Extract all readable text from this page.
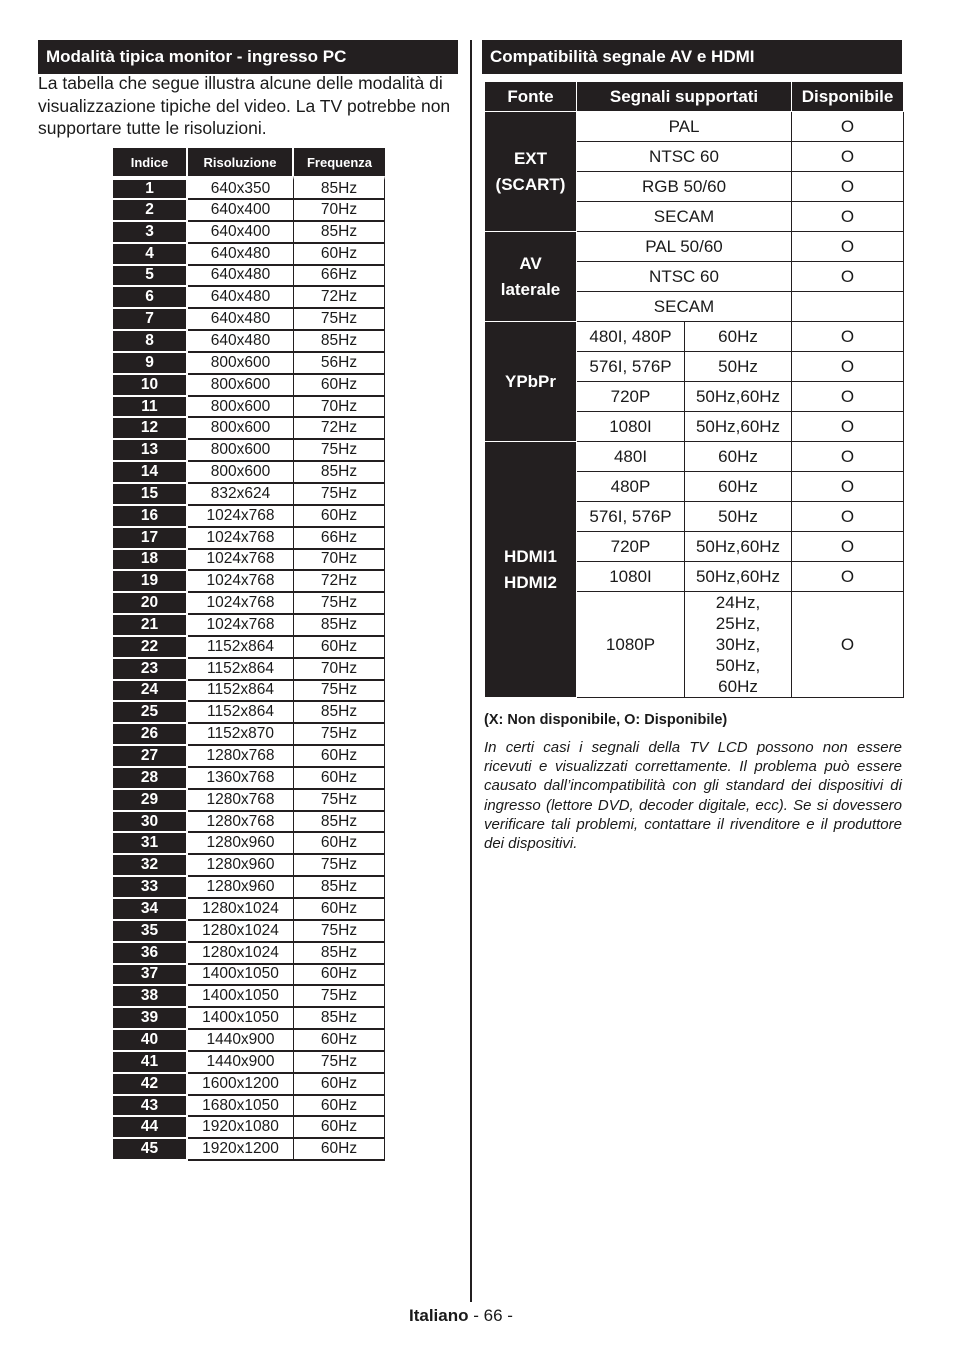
Modalità tipica monitor - ingresso PC

La tabella che segue illustra alcune delle modalità di visualizzazione tipiche del video. La TV potrebbe non supportare tutte le risoluzioni.

Indice	Risoluzione	Frequenza
1	640x350	85Hz
2	640x400	70Hz
3	640x400	85Hz
4	640x480	60Hz
5	640x480	66Hz
6	640x480	72Hz
7	640x480	75Hz
8	640x480	85Hz
9	800x600	56Hz
10	800x600	60Hz
11	800x600	70Hz
12	800x600	72Hz
13	800x600	75Hz
14	800x600	85Hz
15	832x624	75Hz
16	1024x768	60Hz
17	1024x768	66Hz
18	1024x768	70Hz
19	1024x768	72Hz
20	1024x768	75Hz
21	1024x768	85Hz
22	1152x864	60Hz
23	1152x864	70Hz
24	1152x864	75Hz
25	1152x864	85Hz
26	1152x870	75Hz
27	1280x768	60Hz
28	1360x768	60Hz
29	1280x768	75Hz
30	1280x768	85Hz
31	1280x960	60Hz
32	1280x960	75Hz
33	1280x960	85Hz
34	1280x1024	60Hz
35	1280x1024	75Hz
36	1280x1024	85Hz
37	1400x1050	60Hz
38	1400x1050	75Hz
39	1400x1050	85Hz
40	1440x900	60Hz
41	1440x900	75Hz
42	1600x1200	60Hz
43	1680x1050	60Hz
44	1920x1080	60Hz
45	1920x1200	60Hz
Compatibilità segnale AV e HDMI
Fonte	Segnali supportati		Disponibile

EXT
(SCART)	PAL		O
	NTSC 60		O
	RGB 50/60		O
	SECAM		O

AV
laterale	PAL 50/60		O
	NTSC 60		O
	SECAM		

YPbPr	480I, 480P	60Hz	O
	576I, 576P	50Hz	O
	720P	50Hz,60Hz	O
	1080I	50Hz,60Hz	O

HDMI1
HDMI2	480I	60Hz	O
	480P	60Hz	O
	576I, 576P	50Hz	O
	720P	50Hz,60Hz	O
	1080I	50Hz,60Hz	O
	1080P	24Hz,
25Hz,
30Hz,
50Hz,
60Hz	O
(X: Non disponibile, O: Disponibile)

In certi casi i segnali della TV LCD possono non essere ricevuti e visualizzati correttamente. Il problema può essere causato dall’incompatibilità con gli standard dei dispositivi di ingresso (lettore DVD, decoder digitale, ecc). Se si dovessero verificare tali problemi, contattare il rivenditore e il produttore dei dispositivi.

Italiano - 66 -
